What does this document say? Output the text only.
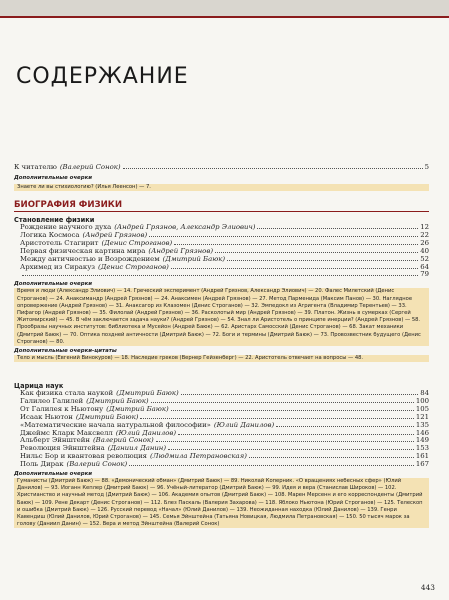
СОДЕРЖАНИЕ
К читателю (Валерий Сонок)	5
Дополнительные очерки
Знаете ли вы стихиологию? (Илья Леенсон) — 7.
БИОГРАФИЯ ФИЗИКИ
Становление физики
Рождение научного духа (Андрей Грязнов, Александр Элиович)	12
Логика Космоса (Андрей Грязнов)	22
Аристотель Стагирит (Денис Строганов)	26
Первая физическая картина мира (Андрей Грязнов)	40
Между античностью и Возрождением (Дмитрий Баюк)	52
Архимед из Сиракуз (Денис Строганов)	64
79
Дополнительные очерки
Время и люди (Александр Элиович) — 14. Греческий эксперимент (Андрей Грязнов, Александр Элиович) — 20. Фалес Милетский (Денис Строганов) — 24. Анаксимандр (Андрей Грязнов) — 24. Анаксимен (Андрей Грязнов) — 27. Метод Парменида (Максим Панов) — 30. Наглядное опровержение (Андрей Грязнов) — 31. Анаксагор из Клазомен (Денис Строганов) — 32. Эмпедокл из Агригента (Владимир Терентьев) — 33. Пифагор (Андрей Грязнов) — 35. Филолай (Андрей Грязнов) — 36. Расколотый мир (Андрей Грязнов) — 39. Платон. Жизнь в сумерках (Сергей Житомирский) — 45. В чём заключается задача науки? (Андрей Грязнов) — 54. Знал ли Аристотель о принципе инерции? (Андрей Грязнов) — 58. Прообразы научных институтов: библиотека и Мусейон (Андрей Баюк) — 62. Аристарх Самосский (Денис Строганов) — 68. Закат механики (Дмитрий Баюк) — 70. Оптика поздней античности (Дмитрий Баюк) — 72. Боги и термины (Дмитрий Баюк) — 73. Провозвестник будущего (Денис Строганов) — 80.
Дополнительные очерки-цитаты
Тело и мысль (Евгений Винокуров) — 18. Наследие греков (Вернер Гейзенберг) — 22. Аристотель отвечает на вопросы — 48.
Царица наук
Как физика стала наукой (Дмитрий Баюк)	84
Галилео Галилей (Дмитрий Баюк)	100
От Галилея к Ньютону (Дмитрий Баюк)	105
Исаак Ньютон (Дмитрий Баюк)	121
«Математические начала натуральной философии» (Юлий Данилов)	135
Джеймс Кларк Максвелл (Юлий Данилов)	146
Альберт Эйнштейн (Валерий Сонок)	149
Революция Эйнштейна (Даниил Данин)	153
Нильс Бор и квантовая революция (Людмила Петрановская)	161
Поль Дирак (Валерий Сонок)	167
Дополнительные очерки
Гуманисты (Дмитрий Баюк) — 88. «Демонический обман» (Дмитрий Баюк) — 89. Николай Коперник. «О вращениях небесных сфер» (Юлий Данилов) — 93. Иоганн Кеплер (Дмитрий Баюк) — 96. Учёный-литератор (Дмитрий Баюк) — 99. Идея и вера (Станислав Широков) — 102. Христианство и научный метод (Дмитрий Баюк) — 106. Академия опытов (Дмитрий Баюк) — 108. Марен Мерсенн и его корреспонденты (Дмитрий Баюк) — 109. Рене Декарт (Денис Строганов) — 112. Блез Паскаль (Валерия Захарова) — 118. Яблоко Ньютона (Юрий Строганов) — 125. Телескоп и ошибка (Дмитрий Баюк) — 126. Русский перевод «Начал» (Юлий Данилов) — 139. Неожиданная находка (Юлий Данилов) — 139. Генри Кавендиш (Юлий Данилов, Юрий Строганов) — 145. Семья Эйнштейна (Татьяна Новицкая, Людмила Петрановская) — 150. 50 тысяч марок за голову (Даниил Данин) — 152. Вера и метод Эйнштейна (Валерий Сонок)
443
